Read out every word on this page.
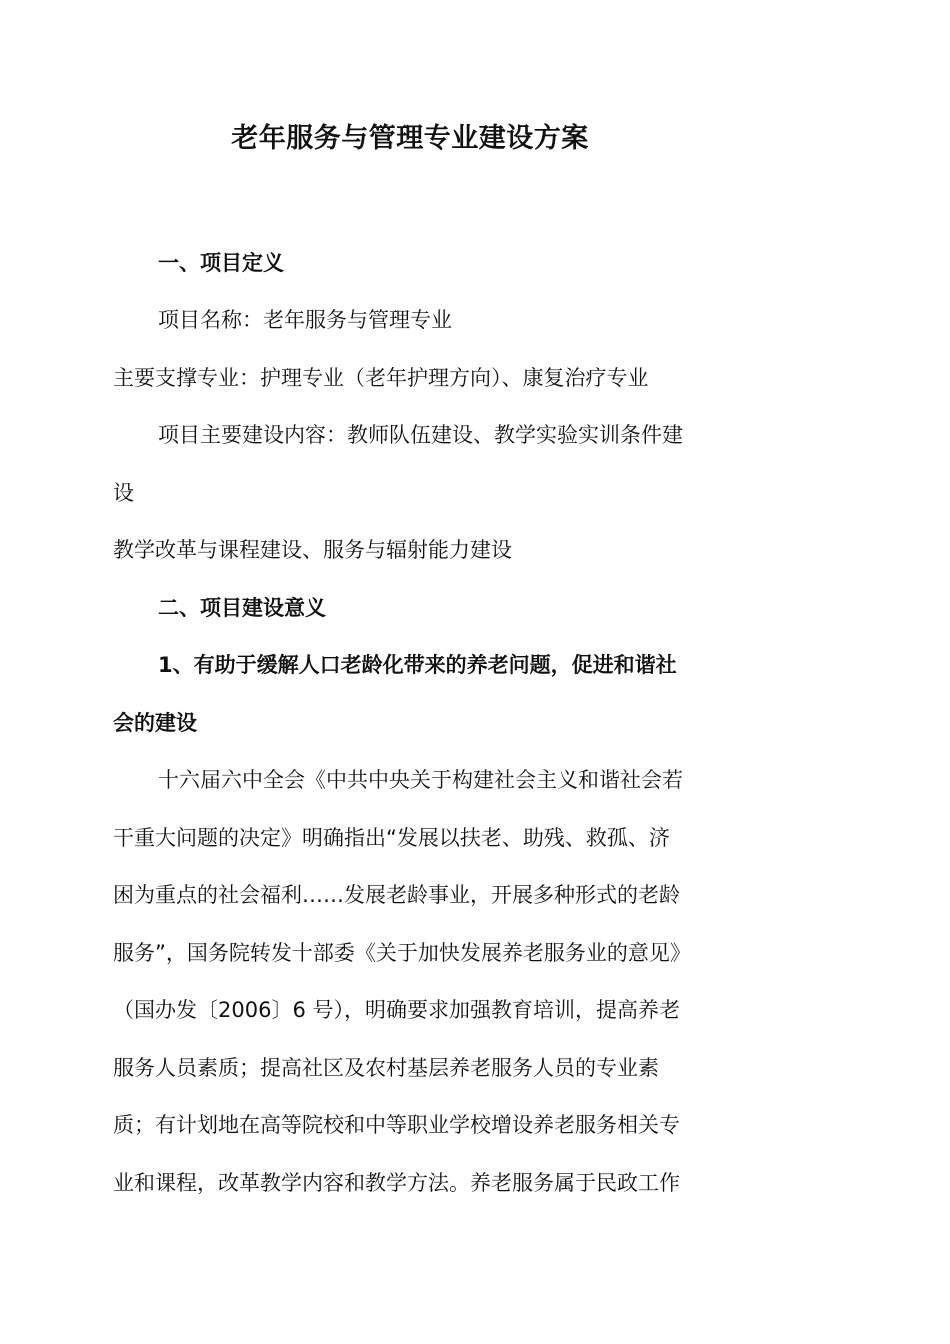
老年服务与管理专业建设方案
一、项目定义
项目名称：老年服务与管理专业
主要支撑专业：护理专业（老年护理方向）、康复治疗专业
项目主要建设内容：教师队伍建设、教学实验实训条件建
设
教学改革与课程建设、服务与辐射能力建设
二、项目建设意义
1、有助于缓解人口老龄化带来的养老问题，促进和谐社
会的建设
十六届六中全会《中共中央关于构建社会主义和谐社会若
干重大问题的决定》明确指出“发展以扶老、助残、救孤、济
困为重点的社会福利……发展老龄事业，开展多种形式的老龄
服务”，国务院转发十部委《关于加快发展养老服务业的意见》
（国办发〔2006〕6 号），明确要求加强教育培训，提高养老
服务人员素质；提高社区及农村基层养老服务人员的专业素
质；有计划地在高等院校和中等职业学校增设养老服务相关专
业和课程，改革教学内容和教学方法。养老服务属于民政工作
